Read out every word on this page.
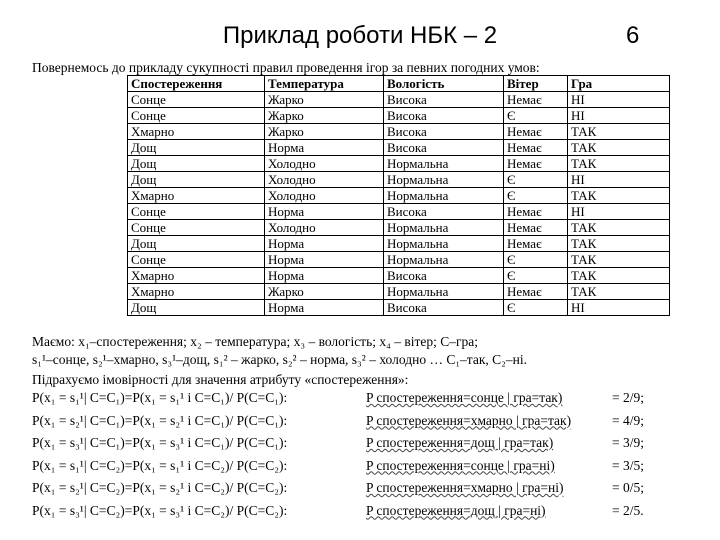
Приклад роботи НБК – 2	6
Повернемось до прикладу сукупності правил проведення ігор за певних погодних умов:
Спостереження	Температура	Вологість	Вітер	Гра
Сонце	Жарко	Висока	Немає	НІ
Сонце	Жарко	Висока	Є	НІ
Хмарно	Жарко	Висока	Немає	ТАК
Дощ	Норма	Висока	Немає	ТАК
Дощ	Холодно	Нормальна	Немає	ТАК
Дощ	Холодно	Нормальна	Є	НІ
Хмарно	Холодно	Нормальна	Є	ТАК
Сонце	Норма	Висока	Немає	НІ
Сонце	Холодно	Нормальна	Немає	ТАК
Дощ	Норма	Нормальна	Немає	ТАК
Сонце	Норма	Нормальна	Є	ТАК
Хмарно	Норма	Висока	Є	ТАК
Хмарно	Жарко	Нормальна	Немає	ТАК
Дощ	Норма	Висока	Є	НІ
Маємо: x₁–спостереження; x₂ – температура; x₃ – вологість; x₄ – вітер; C–гра;
s₁¹–сонце, s₂¹–хмарно, s₃¹–дощ, s₁² – жарко, s₂² – норма, s₃² – холодно … C₁–так, C₂–ні.
Підрахуємо імовірності для значення атрибуту «спостереження»:
P(x₁ = s₁¹| C=C₁)=P(x₁ = s₁¹ і C=C₁)/ P(C=C₁):	P спостереження=сонце | гра=так)	= 2/9;
P(x₁ = s₂¹| C=C₁)=P(x₁ = s₂¹ і C=C₁)/ P(C=C₁):	P спостереження=хмарно | гра=так)	= 4/9;
P(x₁ = s₃¹| C=C₁)=P(x₁ = s₃¹ і C=C₁)/ P(C=C₁):	P спостереження=дощ | гра=так)	= 3/9;
P(x₁ = s₁¹| C=C₂)=P(x₁ = s₁¹ і C=C₂)/ P(C=C₂):	P спостереження=сонце | гра=ні)	= 3/5;
P(x₁ = s₂¹| C=C₂)=P(x₁ = s₂¹ і C=C₂)/ P(C=C₂):	P спостереження=хмарно | гра=ні)	= 0/5;
P(x₁ = s₃¹| C=C₂)=P(x₁ = s₃¹ і C=C₂)/ P(C=C₂):	P спостереження=дощ | гра=ні)	= 2/5.
